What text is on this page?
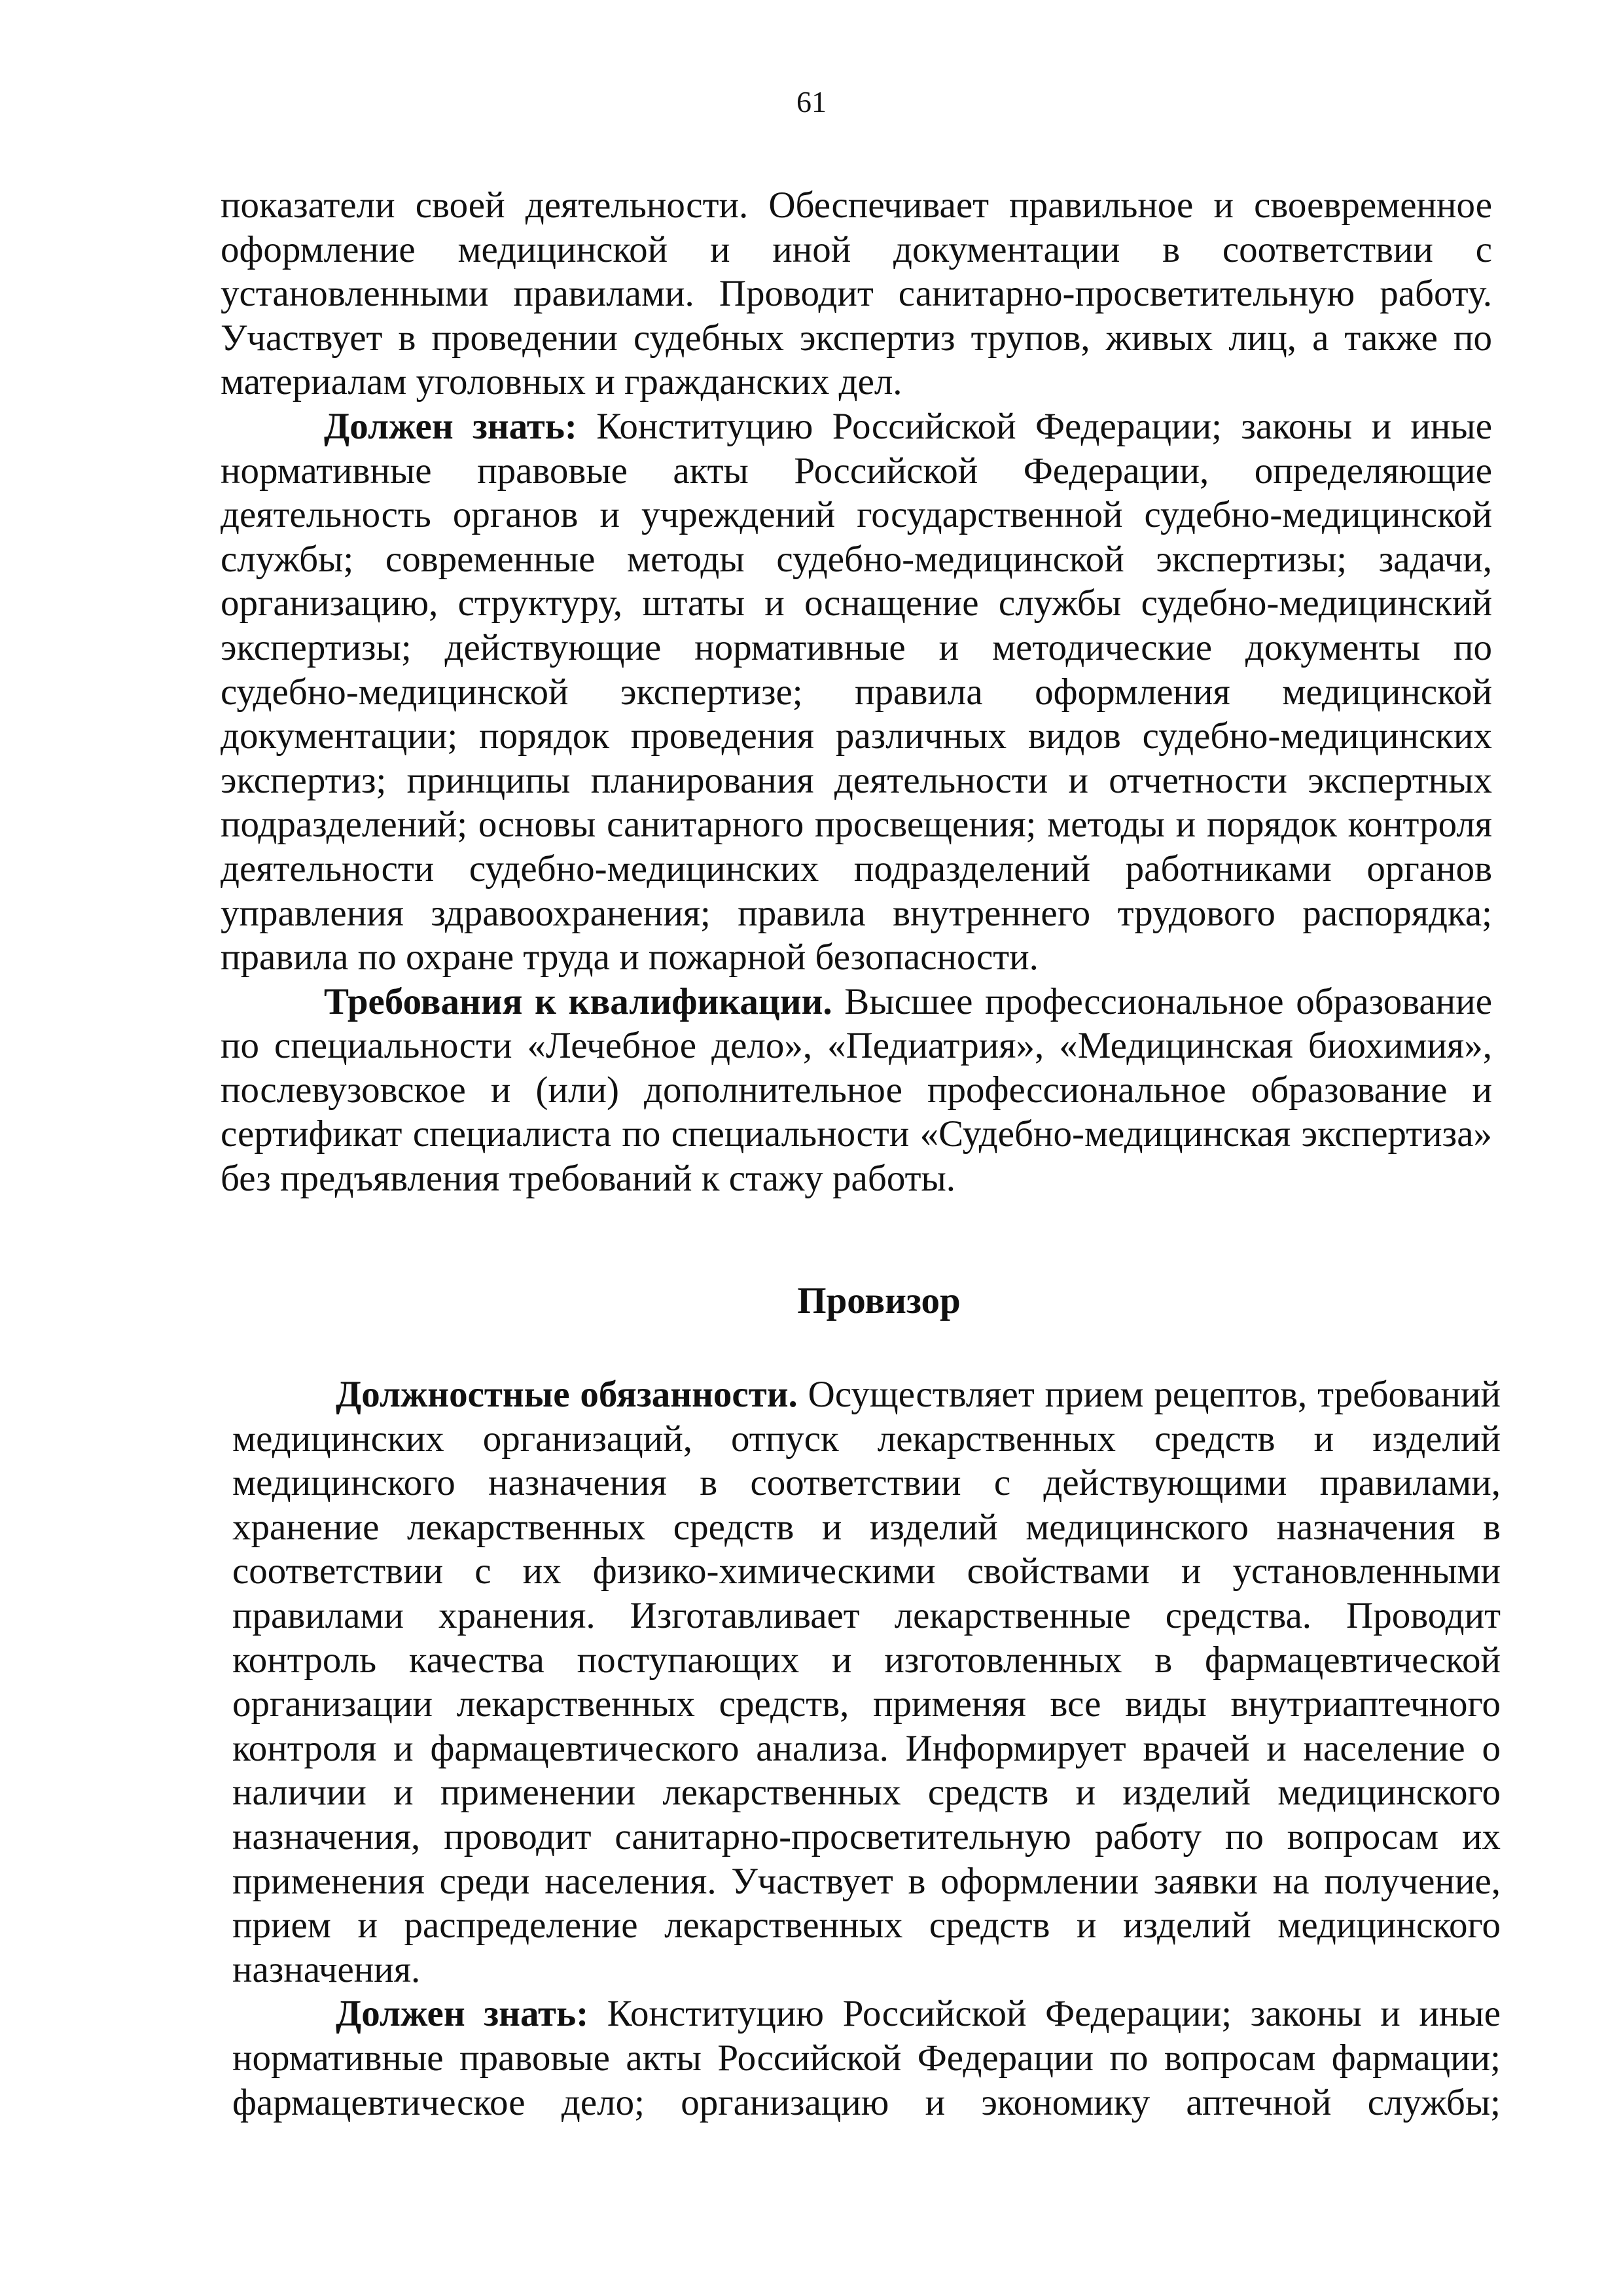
61

показатели своей деятельности. Обеспечивает правильное и своевременное оформление медицинской и иной документации в соответствии с установленными правилами. Проводит санитарно-просветительную работу. Участвует в проведении судебных экспертиз трупов, живых лиц, а также по материалам уголовных и гражданских дел.

Должен знать: Конституцию Российской Федерации; законы и иные нормативные правовые акты Российской Федерации, определяющие деятельность органов и учреждений государственной судебно-медицинской службы; современные методы судебно-медицинской экспертизы; задачи, организацию, структуру, штаты и оснащение службы судебно-медицинский экспертизы; действующие нормативные и методические документы по судебно-медицинской экспертизе; правила оформления медицинской документации; порядок проведения различных видов судебно-медицинских экспертиз; принципы планирования деятельности и отчетности экспертных подразделений; основы санитарного просвещения; методы и порядок контроля деятельности судебно-медицинских подразделений работниками органов управления здравоохранения; правила внутреннего трудового распорядка; правила по охране труда и пожарной безопасности.

Требования к квалификации. Высшее профессиональное образование по специальности «Лечебное дело», «Педиатрия», «Медицинская биохимия», послевузовское и (или) дополнительное профессиональное образование и сертификат специалиста по специальности «Судебно-медицинская экспертиза» без предъявления требований к стажу работы.

Провизор

Должностные обязанности. Осуществляет прием рецептов, требований медицинских организаций, отпуск лекарственных средств и изделий медицинского назначения в соответствии с действующими правилами, хранение лекарственных средств и изделий медицинского назначения в соответствии с их физико-химическими свойствами и установленными правилами хранения. Изготавливает лекарственные средства. Проводит контроль качества поступающих и изготовленных в фармацевтической организации лекарственных средств, применяя все виды внутриаптечного контроля и фармацевтического анализа. Информирует врачей и население о наличии и применении лекарственных средств и изделий медицинского назначения, проводит санитарно-просветительную работу по вопросам их применения среди населения. Участвует в оформлении заявки на получение, прием и распределение лекарственных средств и изделий медицинского назначения.

Должен знать: Конституцию Российской Федерации; законы и иные нормативные правовые акты Российской Федерации по вопросам фармации; фармацевтическое дело; организацию и экономику аптечной службы;
